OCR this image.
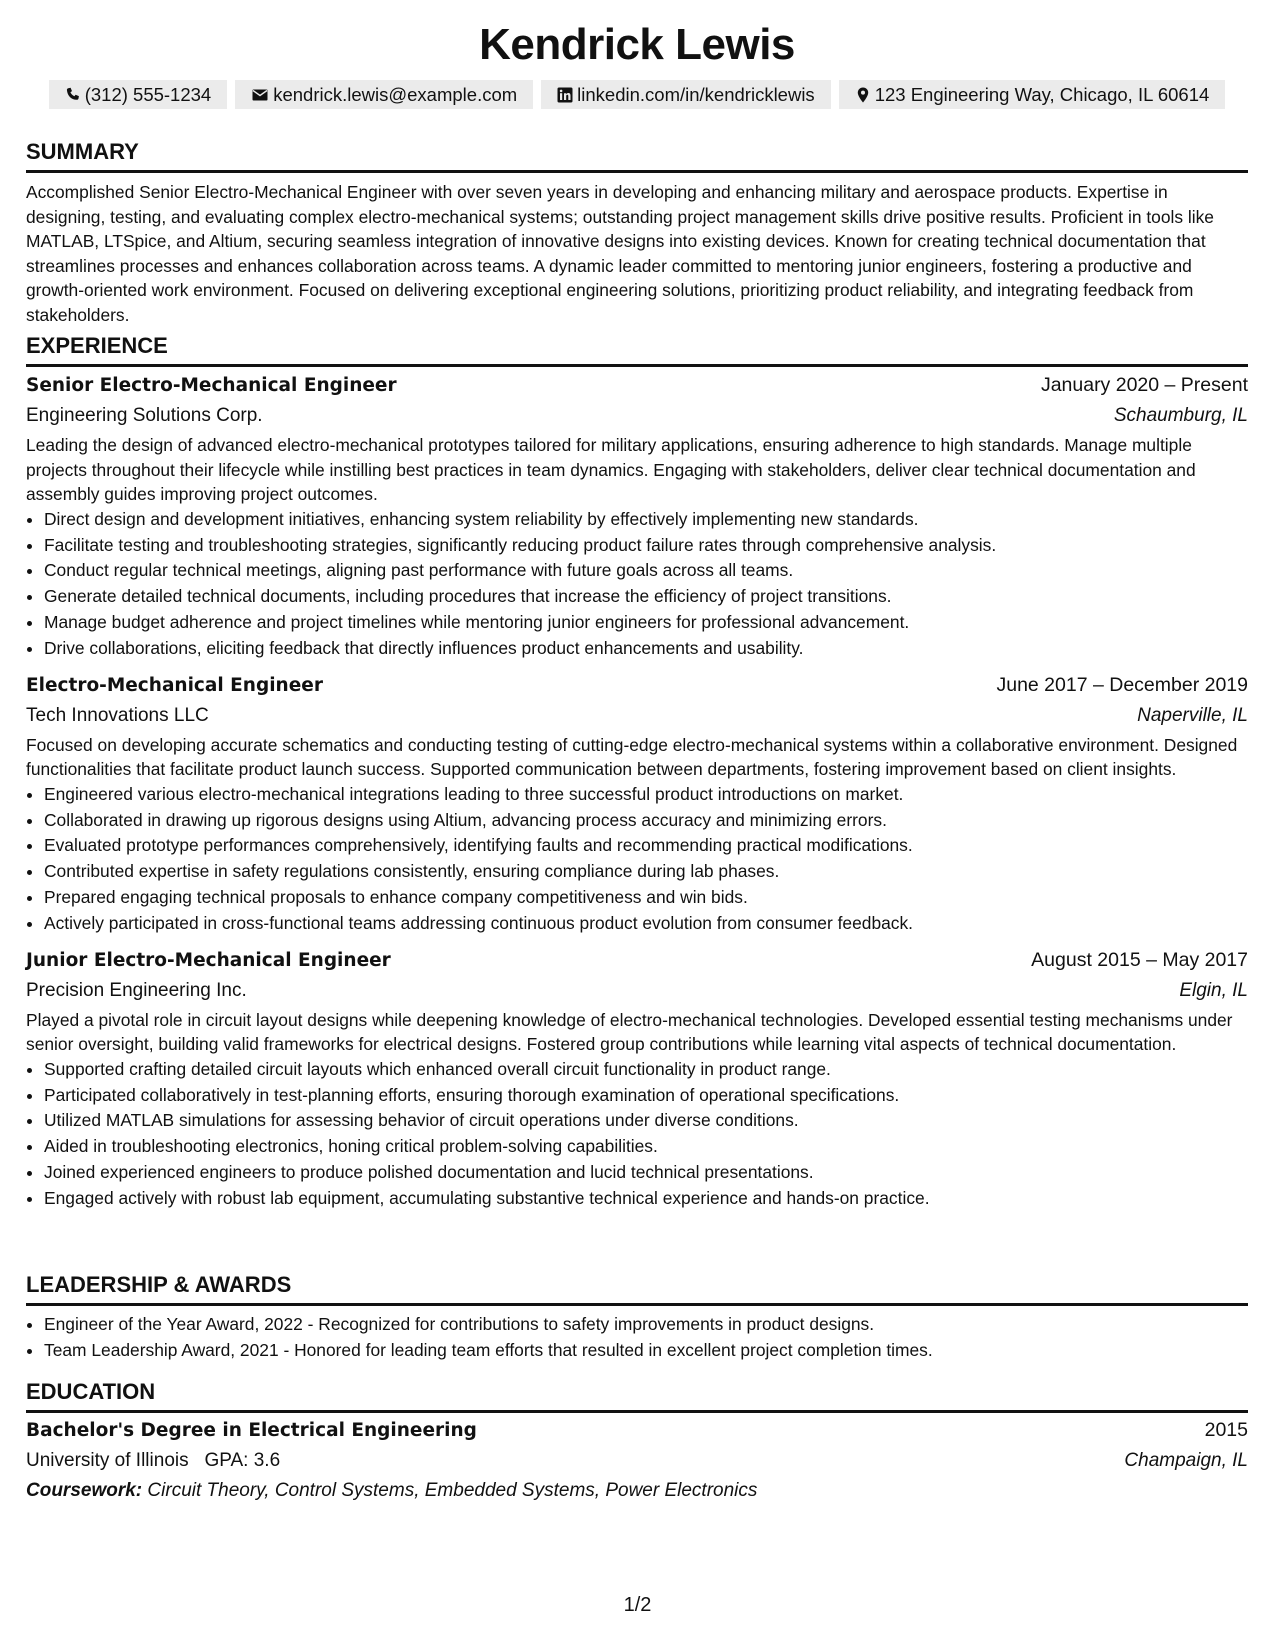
Kendrick Lewis
(312) 555-1234	kendrick.lewis@example.com	linkedin.com/in/kendricklewis	123 Engineering Way, Chicago, IL 60614
SUMMARY

Accomplished Senior Electro-Mechanical Engineer with over seven years in developing and enhancing military and aerospace products. Expertise in designing, testing, and evaluating complex electro-mechanical systems; outstanding project management skills drive positive results. Proficient in tools like MATLAB, LTSpice, and Altium, securing seamless integration of innovative designs into existing devices. Known for creating technical documentation that streamlines processes and enhances collaboration across teams. A dynamic leader committed to mentoring junior engineers, fostering a productive and growth-oriented work environment. Focused on delivering exceptional engineering solutions, prioritizing product reliability, and integrating feedback from stakeholders.

EXPERIENCE
Senior Electro-Mechanical Engineer	January 2020 – Present
Engineering Solutions Corp.	Schaumburg, IL

Leading the design of advanced electro-mechanical prototypes tailored for military applications, ensuring adherence to high standards. Manage multiple projects throughout their lifecycle while instilling best practices in team dynamics. Engaging with stakeholders, deliver clear technical documentation and assembly guides improving project outcomes.

• Direct design and development initiatives, enhancing system reliability by effectively implementing new standards.
• Facilitate testing and troubleshooting strategies, significantly reducing product failure rates through comprehensive analysis.
• Conduct regular technical meetings, aligning past performance with future goals across all teams.
• Generate detailed technical documents, including procedures that increase the efficiency of project transitions.
• Manage budget adherence and project timelines while mentoring junior engineers for professional advancement.
• Drive collaborations, eliciting feedback that directly influences product enhancements and usability.
Electro-Mechanical Engineer	June 2017 – December 2019
Tech Innovations LLC	Naperville, IL

Focused on developing accurate schematics and conducting testing of cutting-edge electro-mechanical systems within a collaborative environment. Designed functionalities that facilitate product launch success. Supported communication between departments, fostering improvement based on client insights.

• Engineered various electro-mechanical integrations leading to three successful product introductions on market.
• Collaborated in drawing up rigorous designs using Altium, advancing process accuracy and minimizing errors.
• Evaluated prototype performances comprehensively, identifying faults and recommending practical modifications.
• Contributed expertise in safety regulations consistently, ensuring compliance during lab phases.
• Prepared engaging technical proposals to enhance company competitiveness and win bids.
• Actively participated in cross-functional teams addressing continuous product evolution from consumer feedback.
Junior Electro-Mechanical Engineer	August 2015 – May 2017
Precision Engineering Inc.	Elgin, IL

Played a pivotal role in circuit layout designs while deepening knowledge of electro-mechanical technologies. Developed essential testing mechanisms under senior oversight, building valid frameworks for electrical designs. Fostered group contributions while learning vital aspects of technical documentation.

• Supported crafting detailed circuit layouts which enhanced overall circuit functionality in product range.
• Participated collaboratively in test-planning efforts, ensuring thorough examination of operational specifications.
• Utilized MATLAB simulations for assessing behavior of circuit operations under diverse conditions.
• Aided in troubleshooting electronics, honing critical problem-solving capabilities.
• Joined experienced engineers to produce polished documentation and lucid technical presentations.
• Engaged actively with robust lab equipment, accumulating substantive technical experience and hands-on practice.
LEADERSHIP & AWARDS
• Engineer of the Year Award, 2022 - Recognized for contributions to safety improvements in product designs.
• Team Leadership Award, 2021 - Honored for leading team efforts that resulted in excellent project completion times.
EDUCATION
Bachelor's Degree in Electrical Engineering	2015
University of Illinois GPA: 3.6	Champaign, IL
Coursework: Circuit Theory, Control Systems, Embedded Systems, Power Electronics
1/2
